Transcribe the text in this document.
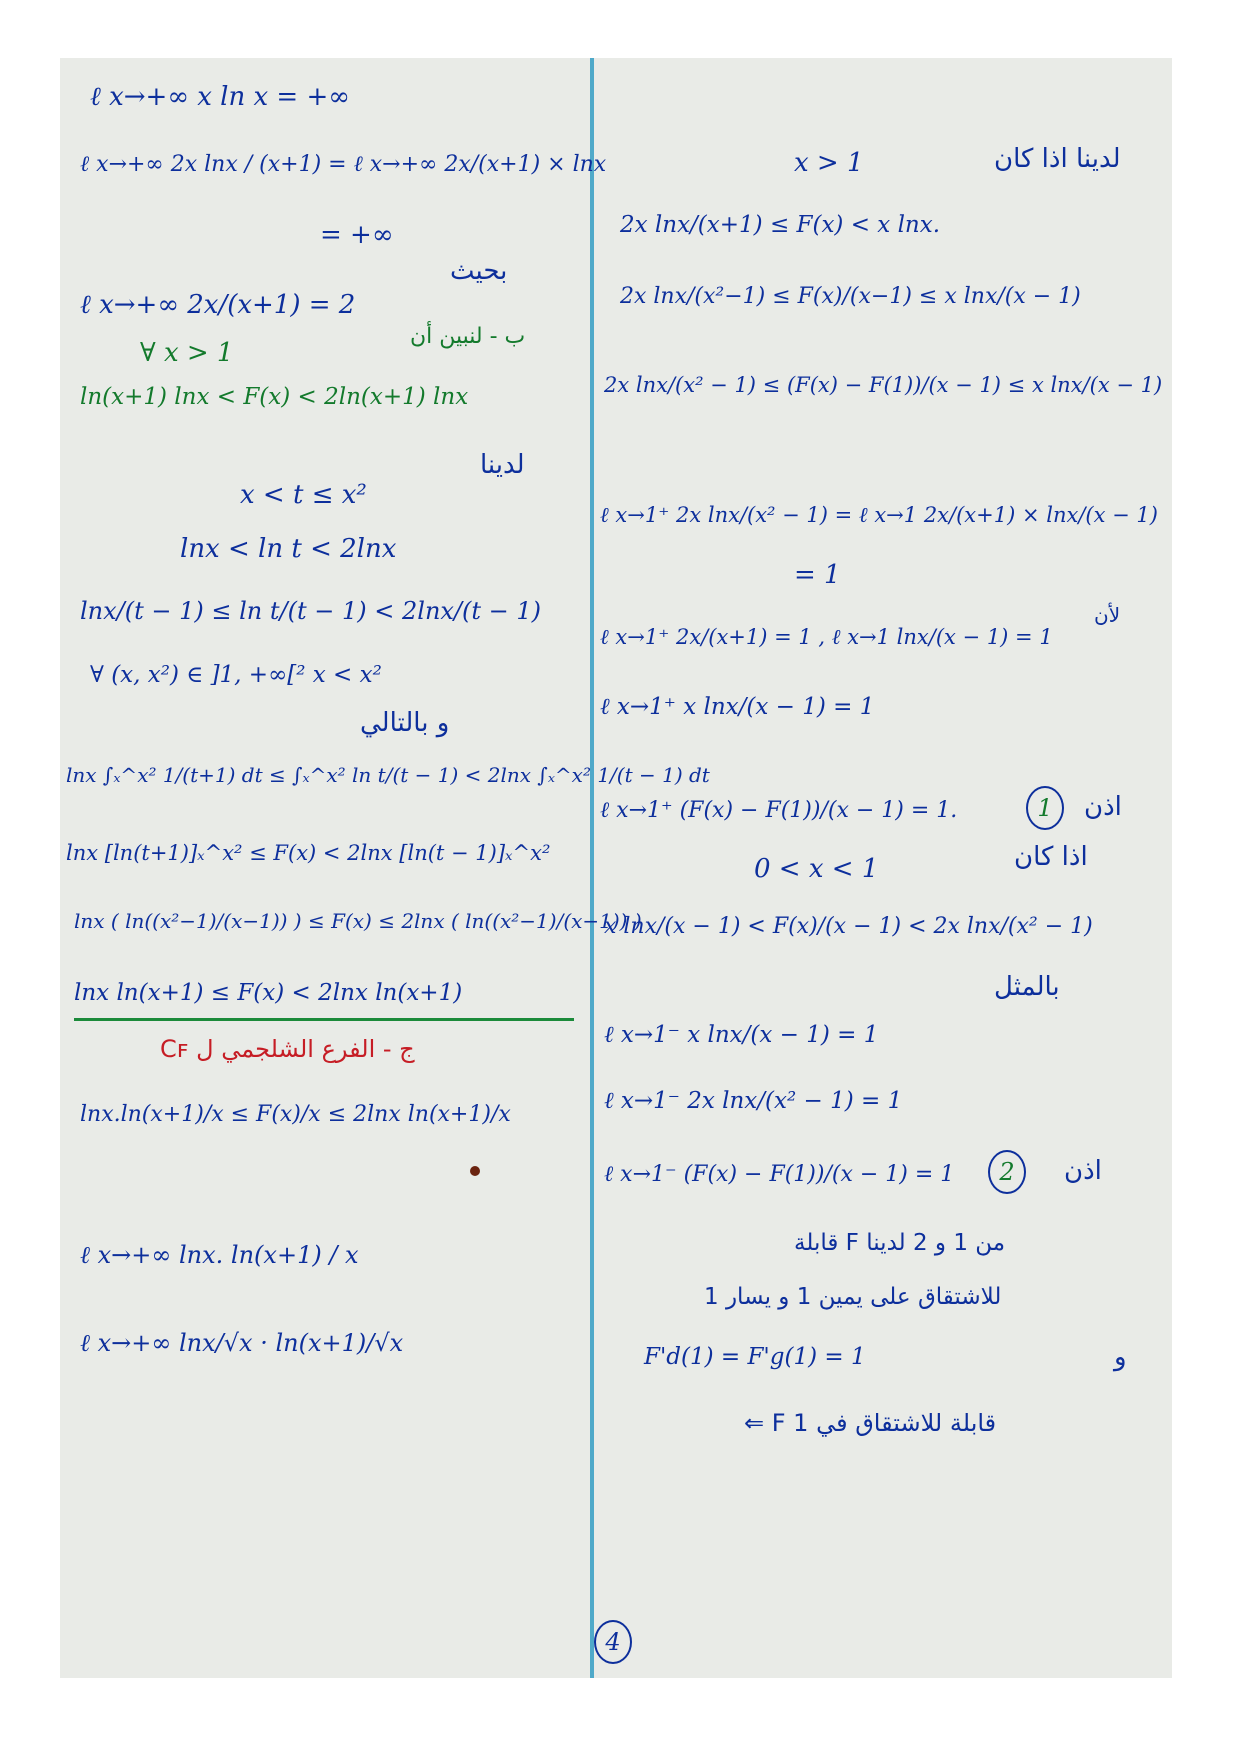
ℓ x→+∞ x ln x = +∞
ℓ x→+∞ 2x lnx / (x+1) = ℓ x→+∞ 2x/(x+1) × lnx
= +∞
بحيث
ℓ x→+∞ 2x/(x+1) = 2
ب - لنبين أن
∀ x > 1
ln(x+1) lnx < F(x) < 2ln(x+1) lnx
لدينا
x < t ≤ x²
lnx < ln t < 2lnx
lnx/(t − 1) ≤ ln t/(t − 1) < 2lnx/(t − 1)
∀ (x, x²) ∈ ]1, +∞[² x < x²
و بالتالي
lnx ∫ₓ^x² 1/(t+1) dt ≤ ∫ₓ^x² ln t/(t − 1) < 2lnx ∫ₓ^x² 1/(t − 1) dt
lnx [ln(t+1)]ₓ^x² ≤ F(x) < 2lnx [ln(t − 1)]ₓ^x²
lnx ( ln((x²−1)/(x−1)) ) ≤ F(x) ≤ 2lnx ( ln((x²−1)/(x−1)) )
lnx ln(x+1) ≤ F(x) < 2lnx ln(x+1)
ج - الفرع الشلجمي ل Cꜰ
lnx.ln(x+1)/x ≤ F(x)/x ≤ 2lnx ln(x+1)/x
ℓ x→+∞ lnx. ln(x+1) / x
ℓ x→+∞ lnx/√x · ln(x+1)/√x
لدينا اذا كان
x > 1
2x lnx/(x+1) ≤ F(x) < x lnx.
2x lnx/(x²−1) ≤ F(x)/(x−1) ≤ x lnx/(x − 1)
2x lnx/(x² − 1) ≤ (F(x) − F(1))/(x − 1) ≤ x lnx/(x − 1)
ℓ x→1⁺ 2x lnx/(x² − 1) = ℓ x→1 2x/(x+1) × lnx/(x − 1)
= 1
ℓ x→1⁺ 2x/(x+1) = 1 , ℓ x→1 lnx/(x − 1) = 1
لأن
ℓ x→1⁺ x lnx/(x − 1) = 1
ℓ x→1⁺ (F(x) − F(1))/(x − 1) = 1.	1	اذن
اذا كان
0 < x < 1
x lnx/(x − 1) < F(x)/(x − 1) < 2x lnx/(x² − 1)
بالمثل
ℓ x→1⁻ x lnx/(x − 1) = 1
ℓ x→1⁻ 2x lnx/(x² − 1) = 1
ℓ x→1⁻ (F(x) − F(1))/(x − 1) = 1	2	اذن
من 1 و 2 لدينا F قابلة
للاشتقاق على يمين 1 و يسار 1
F'd(1) = F'g(1) = 1	و
⇐ F قابلة للاشتقاق في 1
4
